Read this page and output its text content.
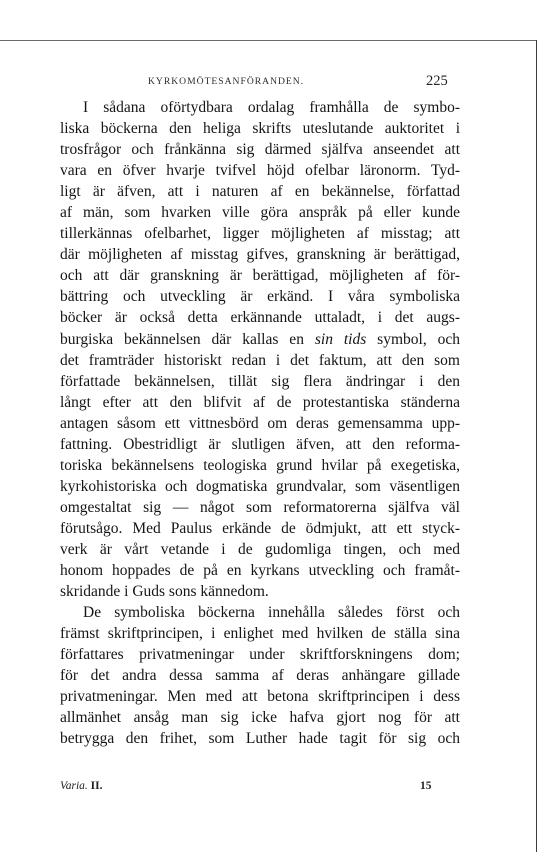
KYRKOMÖTESANFÖRANDEN.	225
I sådana oförtydbara ordalag framhålla de symbo-
liska böckerna den heliga skrifts uteslutande auktoritet i
trosfrågor och frånkänna sig därmed själfva anseendet att
vara en öfver hvarje tvifvel höjd ofelbar läronorm. Tyd-
ligt är äfven, att i naturen af en bekännelse, författad
af män, som hvarken ville göra anspråk på eller kunde
tillerkännas ofelbarhet, ligger möjligheten af misstag; att
där möjligheten af misstag gifves, granskning är berättigad,
och att där granskning är berättigad, möjligheten af för-
bättring och utveckling är erkänd. I våra symboliska
böcker är också detta erkännande uttaladt, i det augs-
burgiska bekännelsen där kallas en sin tids symbol, och
det framträder historiskt redan i det faktum, att den som
författade bekännelsen, tillät sig flera ändringar i den
långt efter att den blifvit af de protestantiska ständerna
antagen såsom ett vittnesbörd om deras gemensamma upp-
fattning. Obestridligt är slutligen äfven, att den reforma-
toriska bekännelsens teologiska grund hvilar på exegetiska,
kyrkohistoriska och dogmatiska grundvalar, som väsentligen
omgestaltat sig — något som reformatorerna själfva väl
förutsågo. Med Paulus erkände de ödmjukt, att ett styck-
verk är vårt vetande i de gudomliga tingen, och med
honom hoppades de på en kyrkans utveckling och framåt-
skridande i Guds sons kännedom.
De symboliska böckerna innehålla således först och
främst skriftprincipen, i enlighet med hvilken de ställa sina
författares privatmeningar under skriftforskningens dom;
för det andra dessa samma af deras anhängare gillade
privatmeningar. Men med att betona skriftprincipen i dess
allmänhet ansåg man sig icke hafva gjort nog för att
betrygga den frihet, som Luther hade tagit för sig och
Varia. II.	15
